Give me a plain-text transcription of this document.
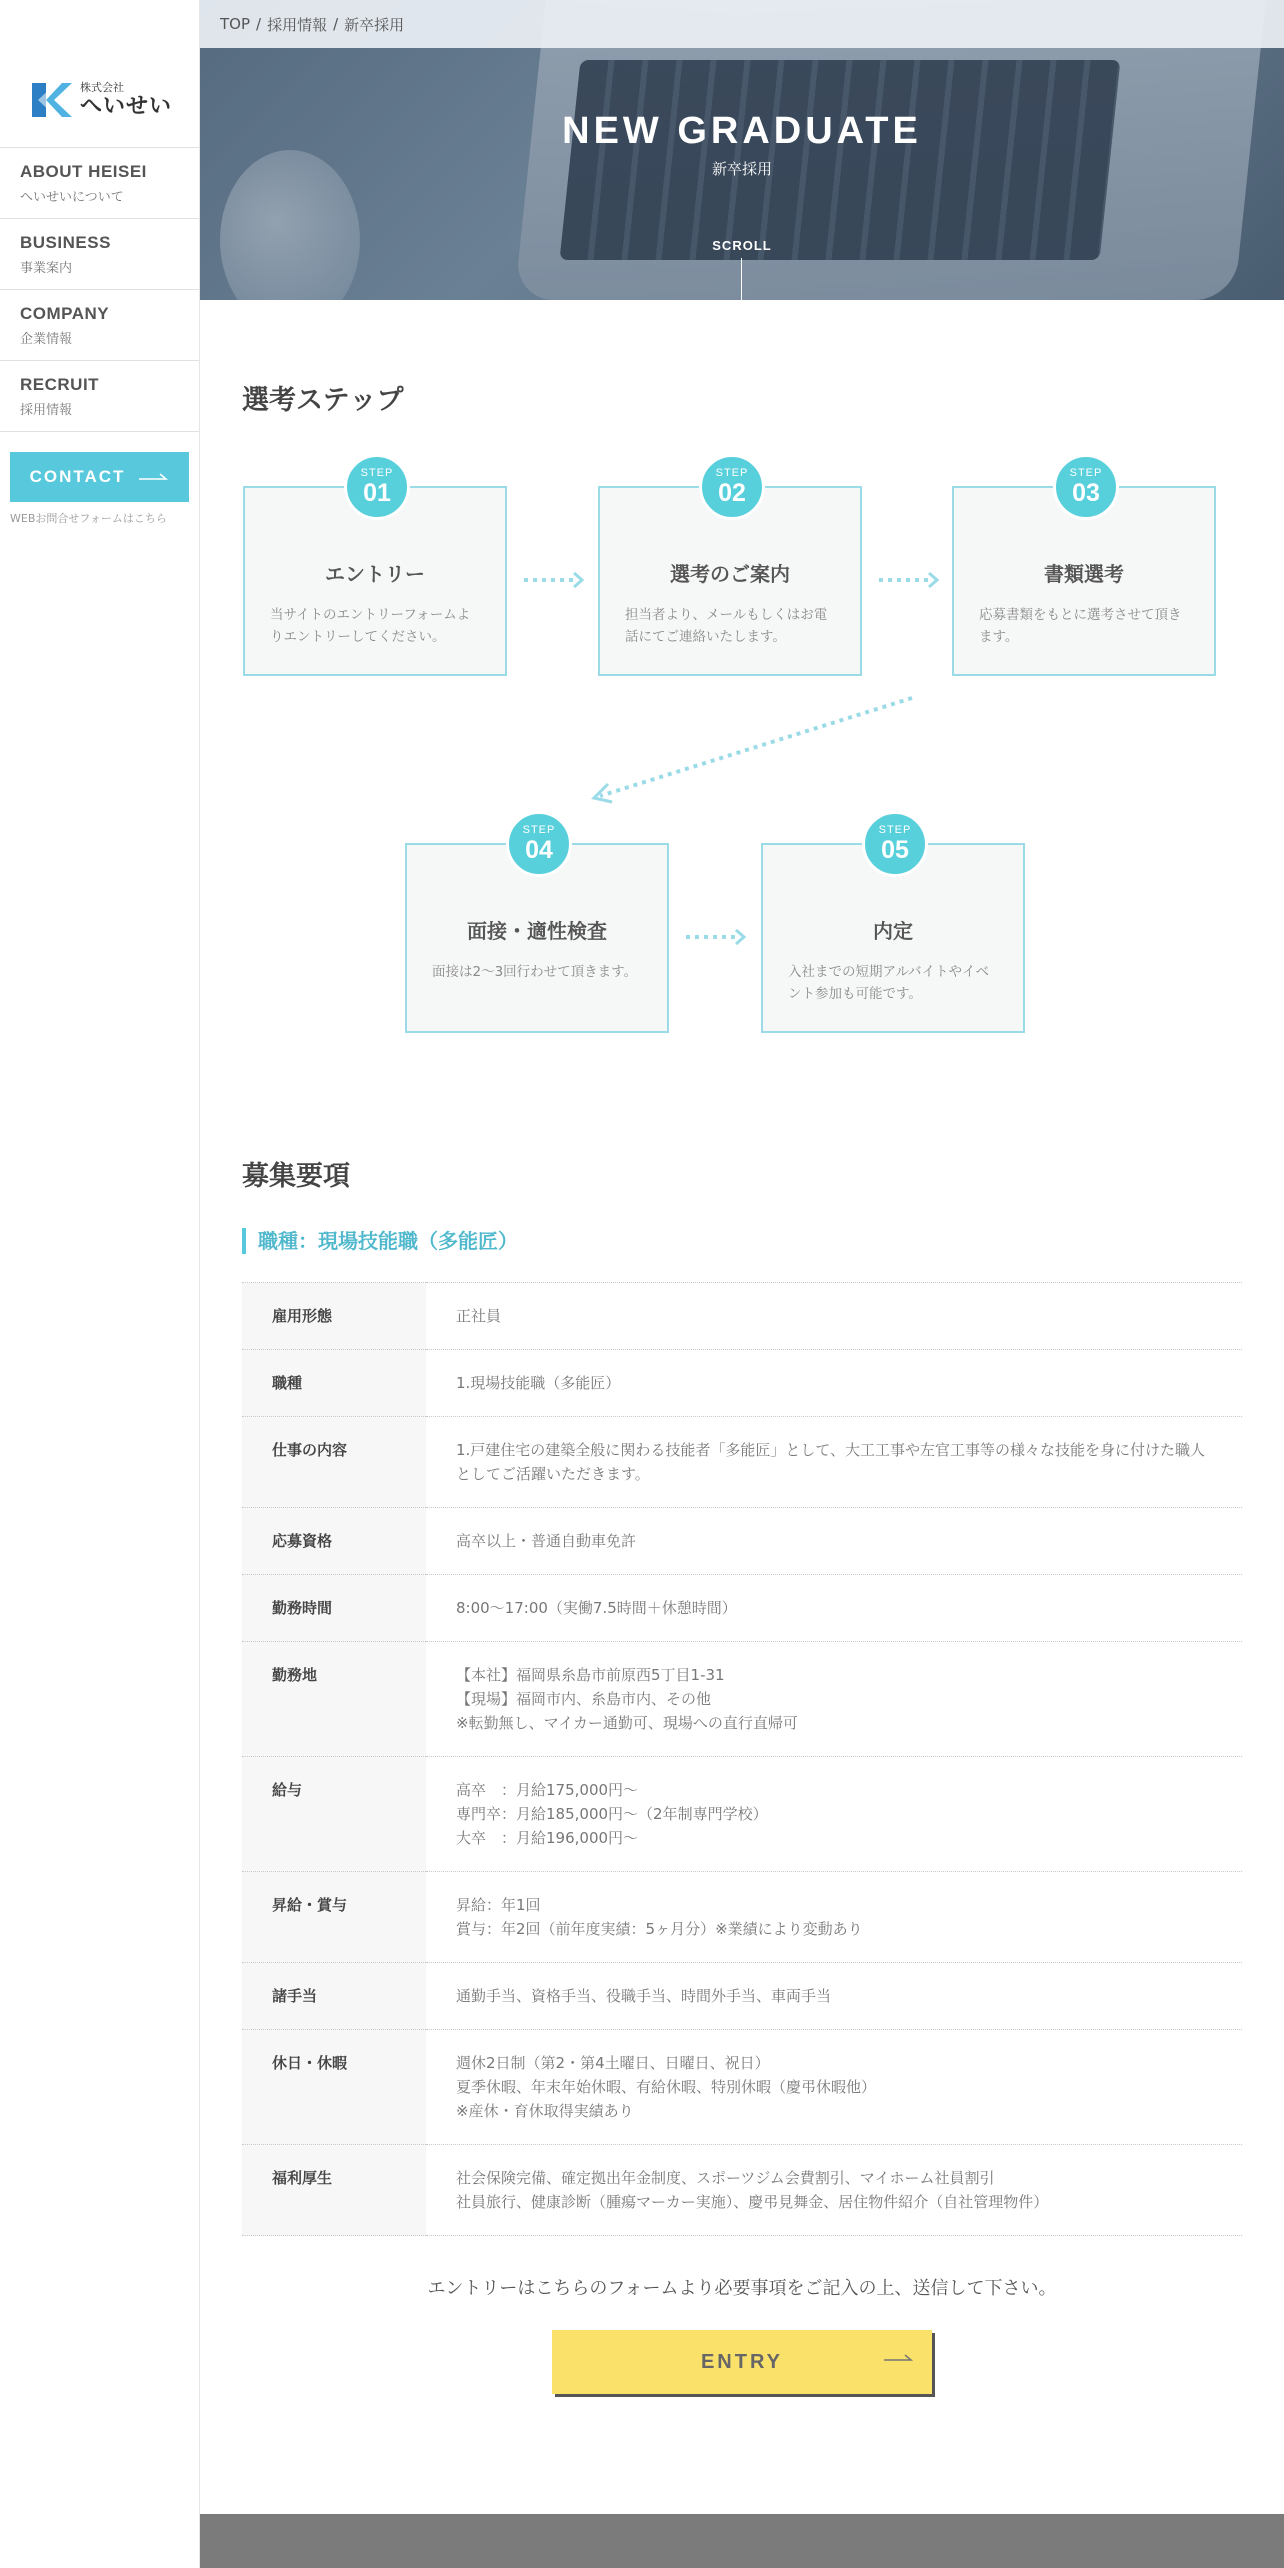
株式会社
へいせい
ABOUT HEISEI
へいせいについて
BUSINESS
事業案内
COMPANY
企業情報
RECRUIT
採用情報
CONTACT
WEBお問合せフォームはこちら
TOP / 採用情報 / 新卒採用
NEW GRADUATE
新卒採用
SCROLL
選考ステップ
STEP
01
エントリー
当サイトのエントリーフォームよりエントリーしてください。
STEP
02
選考のご案内
担当者より、メールもしくはお電話にてご連絡いたします。
STEP
03
書類選考
応募書類をもとに選考させて頂きます。
STEP
04
面接・適性検査
面接は2〜3回行わせて頂きます。
STEP
05
内定
入社までの短期アルバイトやイベント参加も可能です。
募集要項
職種：現場技能職（多能匠）
雇用形態	正社員
職種	1.現場技能職（多能匠）
仕事の内容	1.戸建住宅の建築全般に関わる技能者「多能匠」として、大工工事や左官工事等の様々な技能を身に付けた職人としてご活躍いただきます。
応募資格	高卒以上・普通自動車免許
勤務時間	8:00〜17:00（実働7.5時間＋休憩時間）
勤務地	【本社】福岡県糸島市前原西5丁目1-31
【現場】福岡市内、糸島市内、その他
※転勤無し、マイカー通勤可、現場への直行直帰可
給与	高卒　：月給175,000円〜
専門卒：月給185,000円〜（2年制専門学校）
大卒　：月給196,000円〜
昇給・賞与	昇給：年1回
賞与：年2回（前年度実績：5ヶ月分）※業績により変動あり
諸手当	通勤手当、資格手当、役職手当、時間外手当、車両手当
休日・休暇	週休2日制（第2・第4土曜日、日曜日、祝日）
夏季休暇、年末年始休暇、有給休暇、特別休暇（慶弔休暇他）
※産休・育休取得実績あり
福利厚生	社会保険完備、確定拠出年金制度、スポーツジム会費割引、マイホーム社員割引
社員旅行、健康診断（腫瘍マーカー実施）、慶弔見舞金、居住物件紹介（自社管理物件）

エントリーはこちらのフォームより必要事項をご記入の上、送信して下さい。

ENTRY
